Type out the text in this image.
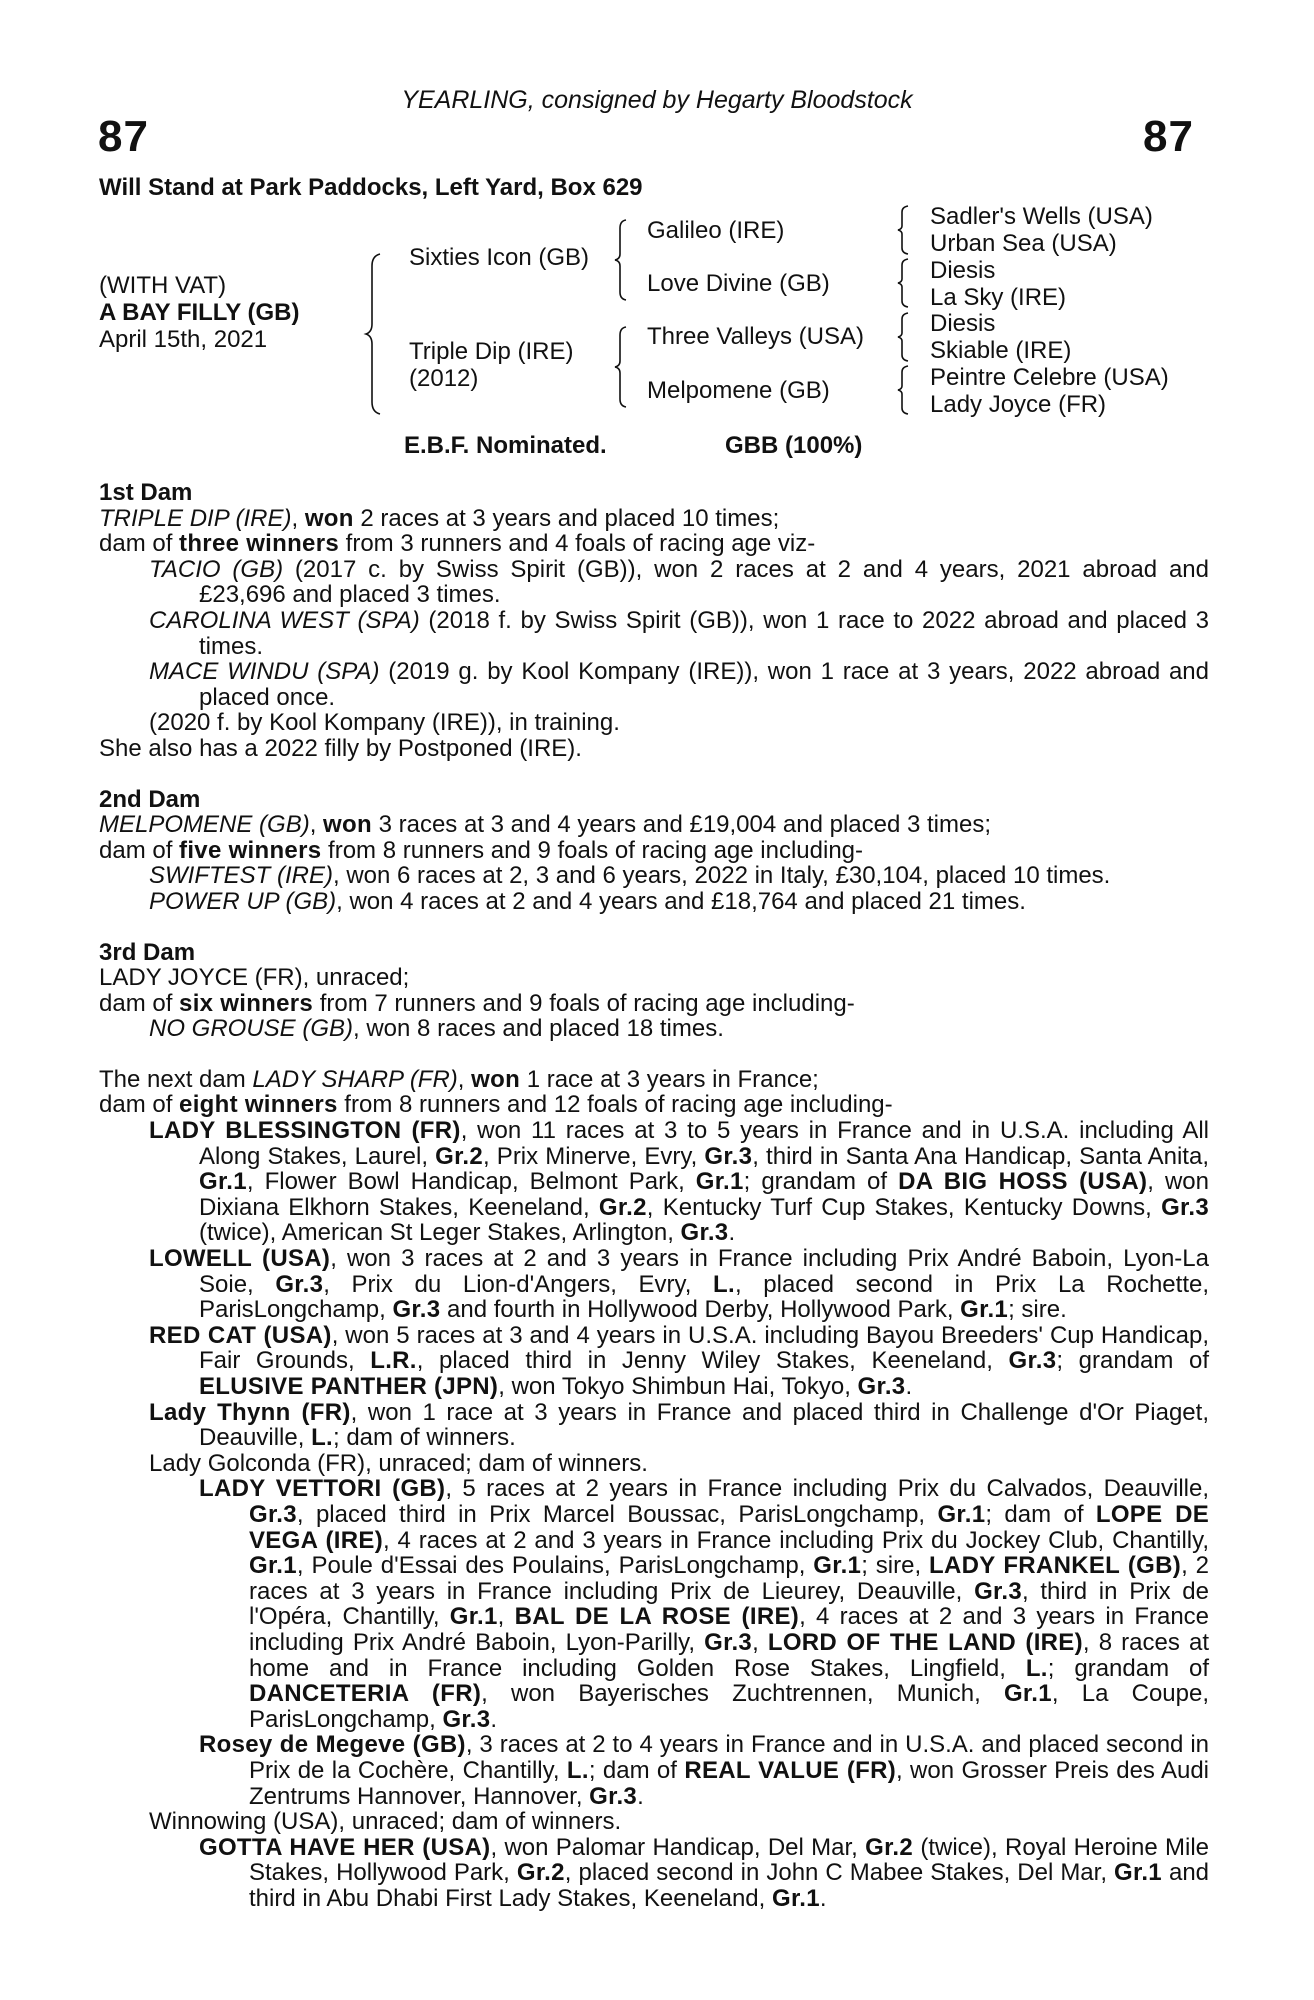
YEARLING, consigned by Hegarty Bloodstock
87	87
Will Stand at Park Paddocks, Left Yard, Box 629
(WITH VAT)
A BAY FILLY (GB)
April 15th, 2021
Sixties Icon (GB)
Triple Dip (IRE)
(2012)
Galileo (IRE)
Love Divine (GB)
Three Valleys (USA)
Melpomene (GB)
Sadler's Wells (USA)
Urban Sea (USA)
Diesis
La Sky (IRE)
Diesis
Skiable (IRE)
Peintre Celebre (USA)
Lady Joyce (FR)
E.B.F. Nominated.	GBB (100%)

1st Dam

TRIPLE DIP (IRE), won 2 races at 3 years and placed 10 times;

dam of three winners from 3 runners and 4 foals of racing age viz-

TACIO (GB) (2017 c. by Swiss Spirit (GB)), won 2 races at 2 and 4 years, 2021 abroad and £23,696 and placed 3 times.

CAROLINA WEST (SPA) (2018 f. by Swiss Spirit (GB)), won 1 race to 2022 abroad and placed 3 times.

MACE WINDU (SPA) (2019 g. by Kool Kompany (IRE)), won 1 race at 3 years, 2022 abroad and placed once.

(2020 f. by Kool Kompany (IRE)), in training.

She also has a 2022 filly by Postponed (IRE).

2nd Dam

MELPOMENE (GB), won 3 races at 3 and 4 years and £19,004 and placed 3 times;

dam of five winners from 8 runners and 9 foals of racing age including-

SWIFTEST (IRE), won 6 races at 2, 3 and 6 years, 2022 in Italy, £30,104, placed 10 times.

POWER UP (GB), won 4 races at 2 and 4 years and £18,764 and placed 21 times.

3rd Dam

LADY JOYCE (FR), unraced;

dam of six winners from 7 runners and 9 foals of racing age including-

NO GROUSE (GB), won 8 races and placed 18 times.

The next dam LADY SHARP (FR), won 1 race at 3 years in France;

dam of eight winners from 8 runners and 12 foals of racing age including-

LADY BLESSINGTON (FR), won 11 races at 3 to 5 years in France and in U.S.A. including All Along Stakes, Laurel, Gr.2, Prix Minerve, Evry, Gr.3, third in Santa Ana Handicap, Santa Anita, Gr.1, Flower Bowl Handicap, Belmont Park, Gr.1; grandam of DA BIG HOSS (USA), won Dixiana Elkhorn Stakes, Keeneland, Gr.2, Kentucky Turf Cup Stakes, Kentucky Downs, Gr.3 (twice), American St Leger Stakes, Arlington, Gr.3.

LOWELL (USA), won 3 races at 2 and 3 years in France including Prix André Baboin, Lyon-La Soie, Gr.3, Prix du Lion-d'Angers, Evry, L., placed second in Prix La Rochette, ParisLongchamp, Gr.3 and fourth in Hollywood Derby, Hollywood Park, Gr.1; sire.

RED CAT (USA), won 5 races at 3 and 4 years in U.S.A. including Bayou Breeders' Cup Handicap, Fair Grounds, L.R., placed third in Jenny Wiley Stakes, Keeneland, Gr.3; grandam of ELUSIVE PANTHER (JPN), won Tokyo Shimbun Hai, Tokyo, Gr.3.

Lady Thynn (FR), won 1 race at 3 years in France and placed third in Challenge d'Or Piaget, Deauville, L.; dam of winners.

Lady Golconda (FR), unraced; dam of winners.

LADY VETTORI (GB), 5 races at 2 years in France including Prix du Calvados, Deauville, Gr.3, placed third in Prix Marcel Boussac, ParisLongchamp, Gr.1; dam of LOPE DE VEGA (IRE), 4 races at 2 and 3 years in France including Prix du Jockey Club, Chantilly, Gr.1, Poule d'Essai des Poulains, ParisLongchamp, Gr.1; sire, LADY FRANKEL (GB), 2 races at 3 years in France including Prix de Lieurey, Deauville, Gr.3, third in Prix de l'Opéra, Chantilly, Gr.1, BAL DE LA ROSE (IRE), 4 races at 2 and 3 years in France including Prix André Baboin, Lyon-Parilly, Gr.3, LORD OF THE LAND (IRE), 8 races at home and in France including Golden Rose Stakes, Lingfield, L.; grandam of DANCETERIA (FR), won Bayerisches Zuchtrennen, Munich, Gr.1, La Coupe, ParisLongchamp, Gr.3.

Rosey de Megeve (GB), 3 races at 2 to 4 years in France and in U.S.A. and placed second in Prix de la Cochère, Chantilly, L.; dam of REAL VALUE (FR), won Grosser Preis des Audi Zentrums Hannover, Hannover, Gr.3.

Winnowing (USA), unraced; dam of winners.

GOTTA HAVE HER (USA), won Palomar Handicap, Del Mar, Gr.2 (twice), Royal Heroine Mile Stakes, Hollywood Park, Gr.2, placed second in John C Mabee Stakes, Del Mar, Gr.1 and third in Abu Dhabi First Lady Stakes, Keeneland, Gr.1.
